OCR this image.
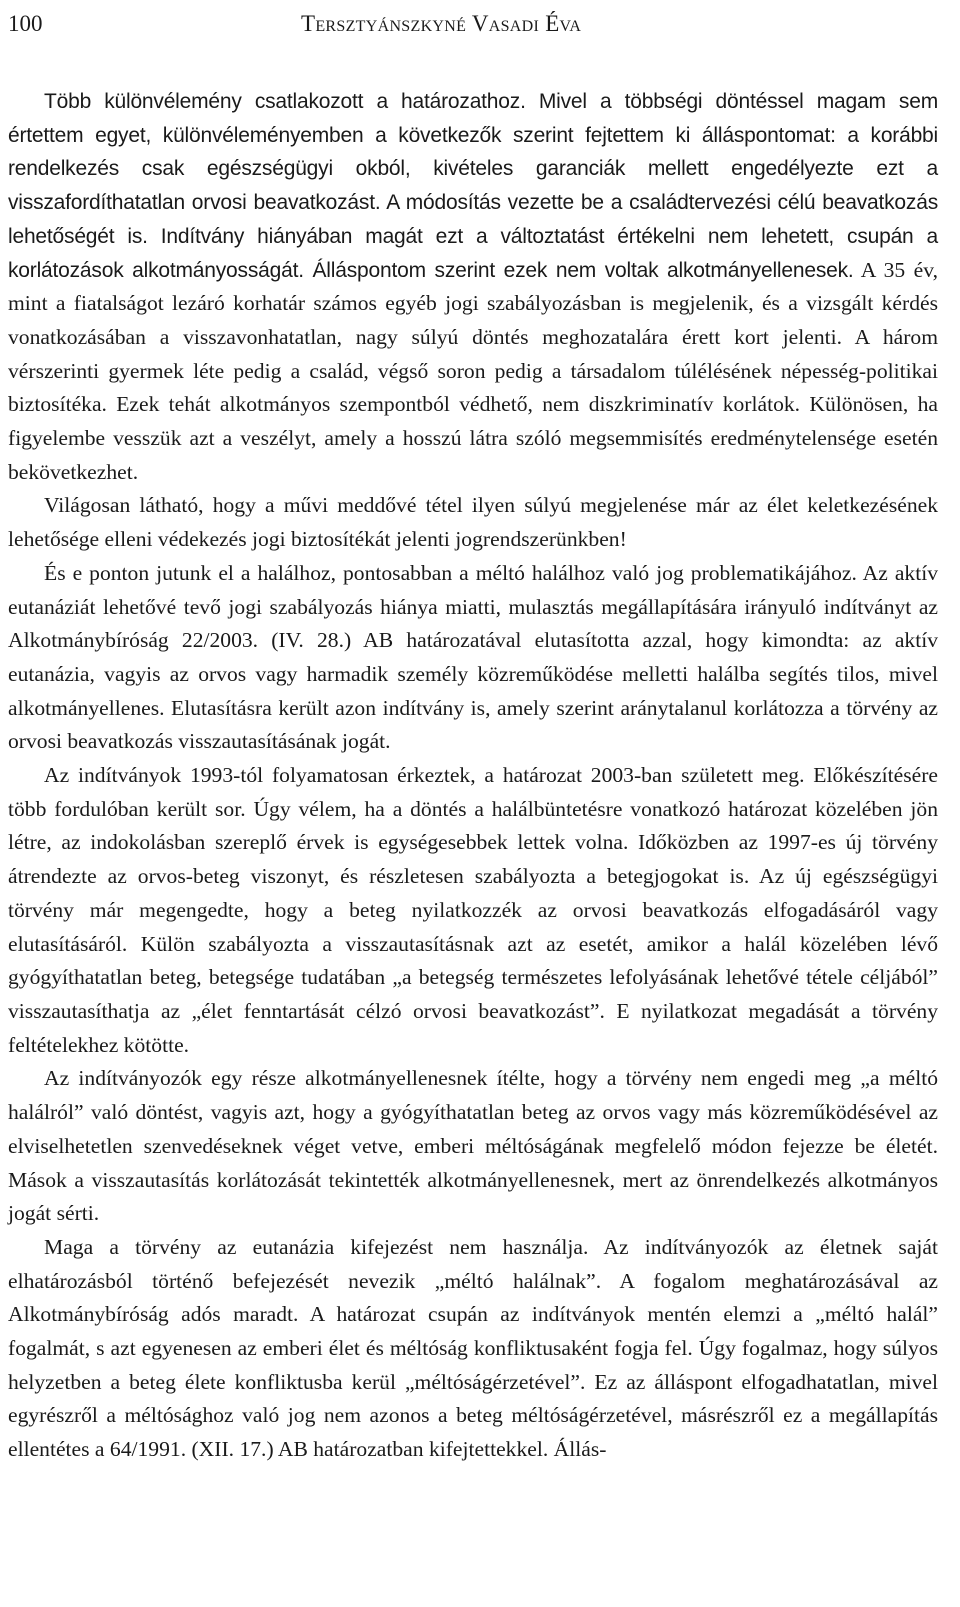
100	Tersztyánszkyné Vasadi Éva

Több különvélemény csatlakozott a határozathoz. Mivel a többségi döntéssel magam sem értettem egyet, különvéleményemben a következők szerint fejtettem ki álláspontomat: a korábbi rendelkezés csak egészségügyi okból, kivételes garanciák mellett engedélyezte ezt a visszafordíthatatlan orvosi beavatkozást. A módosítás vezette be a családtervezési célú beavatkozás lehetőségét is. Indítvány hiányában magát ezt a változtatást értékelni nem lehetett, csupán a korlátozások alkotmányosságát. Álláspontom szerint ezek nem voltak alkotmányellenesek. A 35 év, mint a fiatalságot lezáró korhatár számos egyéb jogi szabályozásban is megjelenik, és a vizsgált kérdés vonatkozásában a visszavonhatatlan, nagy súlyú döntés meghozatalára érett kort jelenti. A három vérszerinti gyermek léte pedig a család, végső soron pedig a társadalom túlélésének népesség-politikai biztosítéka. Ezek tehát alkotmányos szempontból védhető, nem diszkriminatív korlátok. Különösen, ha figyelembe vesszük azt a veszélyt, amely a hosszú látra szóló megsemmisítés eredménytelensége esetén bekövetkezhet.

Világosan látható, hogy a művi meddővé tétel ilyen súlyú megjelenése már az élet keletkezésének lehetősége elleni védekezés jogi biztosítékát jelenti jogrendszerünkben!

És e ponton jutunk el a halálhoz, pontosabban a méltó halálhoz való jog problematikájához. Az aktív eutanáziát lehetővé tevő jogi szabályozás hiánya miatti, mulasztás megállapítására irányuló indítványt az Alkotmánybíróság 22/2003. (IV. 28.) AB határozatával elutasította azzal, hogy kimondta: az aktív eutanázia, vagyis az orvos vagy harmadik személy közreműködése melletti halálba segítés tilos, mivel alkotmányellenes. Elutasításra került azon indítvány is, amely szerint aránytalanul korlátozza a törvény az orvosi beavatkozás visszautasításának jogát.

Az indítványok 1993-tól folyamatosan érkeztek, a határozat 2003-ban született meg. Előkészítésére több fordulóban került sor. Úgy vélem, ha a döntés a halálbüntetésre vonatkozó határozat közelében jön létre, az indokolásban szereplő érvek is egységesebbek lettek volna. Időközben az 1997-es új törvény átrendezte az orvos-beteg viszonyt, és részletesen szabályozta a betegjogokat is. Az új egészségügyi törvény már megengedte, hogy a beteg nyilatkozzék az orvosi beavatkozás elfogadásáról vagy elutasításáról. Külön szabályozta a visszautasításnak azt az esetét, amikor a halál közelében lévő gyógyíthatatlan beteg, betegsége tudatában „a betegség természetes lefolyásának lehetővé tétele céljából” visszautasíthatja az „élet fenntartását célzó orvosi beavatkozást”. E nyilatkozat megadását a törvény feltételekhez kötötte.

Az indítványozók egy része alkotmányellenesnek ítélte, hogy a törvény nem engedi meg „a méltó halálról” való döntést, vagyis azt, hogy a gyógyíthatatlan beteg az orvos vagy más közreműködésével az elviselhetetlen szenvedéseknek véget vetve, emberi méltóságának megfelelő módon fejezze be életét. Mások a visszautasítás korlátozását tekintették alkotmányellenesnek, mert az önrendelkezés alkotmányos jogát sérti.

Maga a törvény az eutanázia kifejezést nem használja. Az indítványozók az életnek saját elhatározásból történő befejezését nevezik „méltó halálnak”. A fogalom meghatározásával az Alkotmánybíróság adós maradt. A határozat csupán az indítványok mentén elemzi a „méltó halál” fogalmát, s azt egyenesen az emberi élet és méltóság konfliktusaként fogja fel. Úgy fogalmaz, hogy súlyos helyzetben a beteg élete konfliktusba kerül „méltóságérzetével”. Ez az álláspont elfogadhatatlan, mivel egyrészről a méltósághoz való jog nem azonos a beteg méltóságérzetével, másrészről ez a megállapítás ellentétes a 64/1991. (XII. 17.) AB határozatban kifejtettekkel. Állás-
